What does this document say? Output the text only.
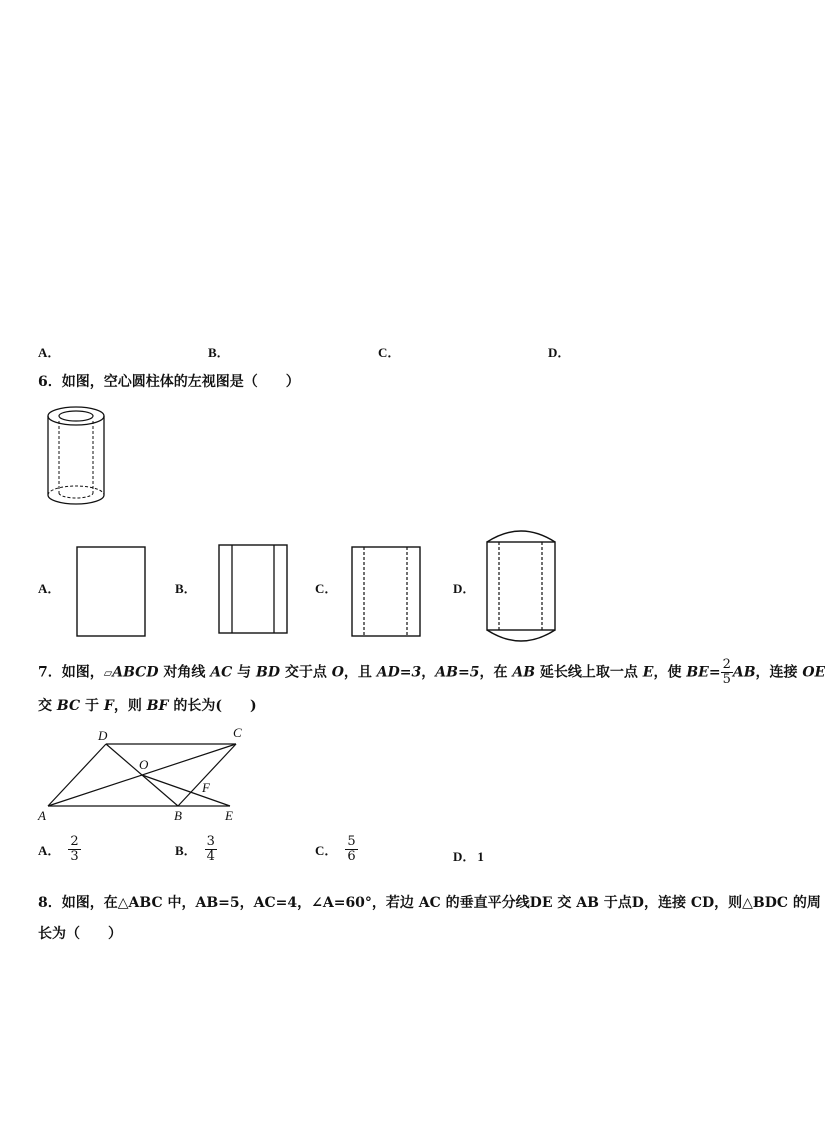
A．	B．	C．	D．
6．如图，空心圆柱体的左视图是（　　）
A．	B．	C．	D．
7．如图，▱ABCD 对角线 AC 与 BD 交于点 O，且 AD=3，AB=5，在 AB 延长线上取一点 E，使 $BE= \frac{2}{5}$ AB，连接 OE
交 BC 于 F，则 BF 的长为(　　)
D	C
O
F
A	B	E
A． $\frac{2}{3}$	B． $\frac{3}{4}$	C． $\frac{5}{6}$	D． 1
8．如图，在△ABC 中，AB=5，AC=4，∠A=60°，若边 AC 的垂直平分线DE 交 AB 于点D，连接 CD，则△BDC 的周
长为（　　）
